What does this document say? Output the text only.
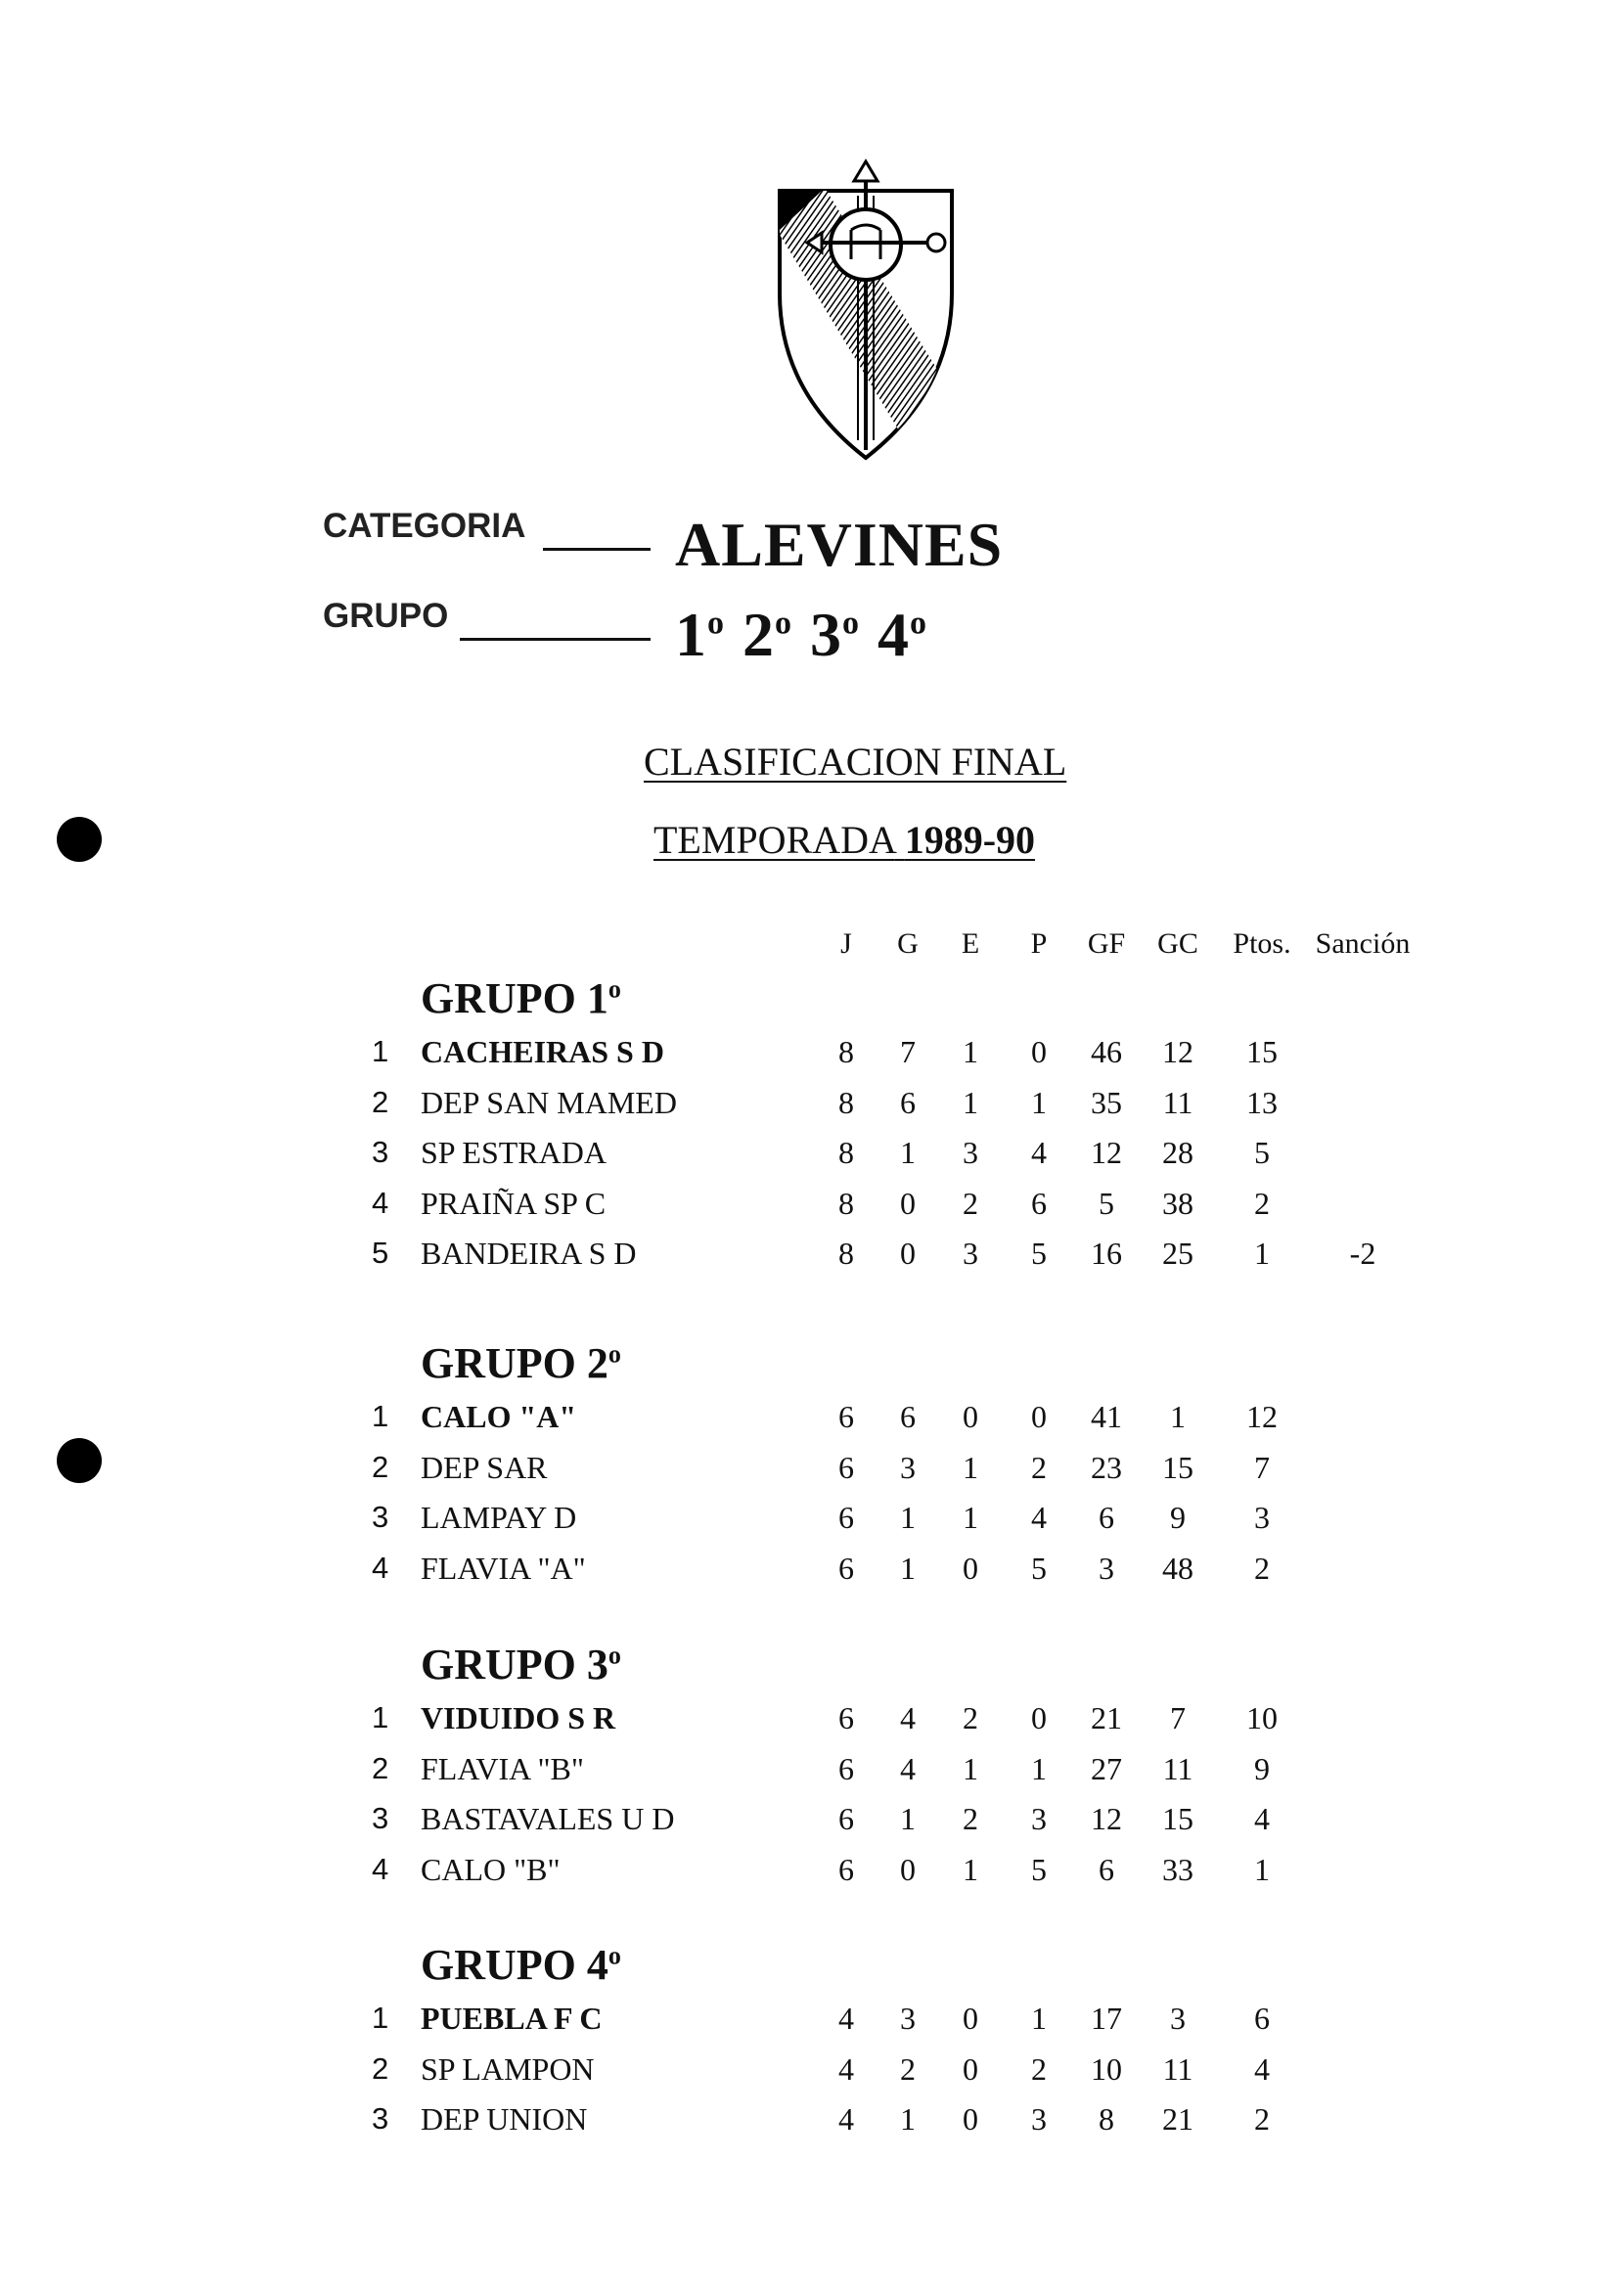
CATEGORIA ALEVINES
GRUPO	1$^o$ 2$^o$ 3$^o$ 4$^o$
CLASIFICACION FINAL
TEMPORADA 1989-90
J	G	E	P	GF	GC	Ptos. Sanción
GRUPO 1$^o$
1 CACHEIRAS S D	8	7	1	0	46	12	15
2 DEP SAN MAMED	8	6	1	1	35	11	13
3 SP ESTRADA	8	1	3	4	12	28	5
4 PRAIÑA SP C	8	0	2	6	5	38	2
5 BANDEIRA S D	8	0	3	5	16	25	1	-2
GRUPO 2$^o$
1 CALO "A"	6	6	0	0	41	1	12
2 DEP SAR	6	3	1	2	23	15	7
3 LAMPAY D	6	1	1	4	6	9	3
4 FLAVIA "A"	6	1	0	5	3	48	2
GRUPO 3$^o$
1 VIDUIDO S R	6	4	2	0	21	7	10
2 FLAVIA "B"	6	4	1	1	27	11	9
3 BASTAVALES U D	6	1	2	3	12	15	4
4 CALO "B"	6	0	1	5	6	33	1
GRUPO 4$^o$
1 PUEBLA F C	4	3	0	1	17	3	6
2 SP LAMPON	4	2	0	2	10	11	4
3 DEP UNION	4	1	0	3	8	21	2
